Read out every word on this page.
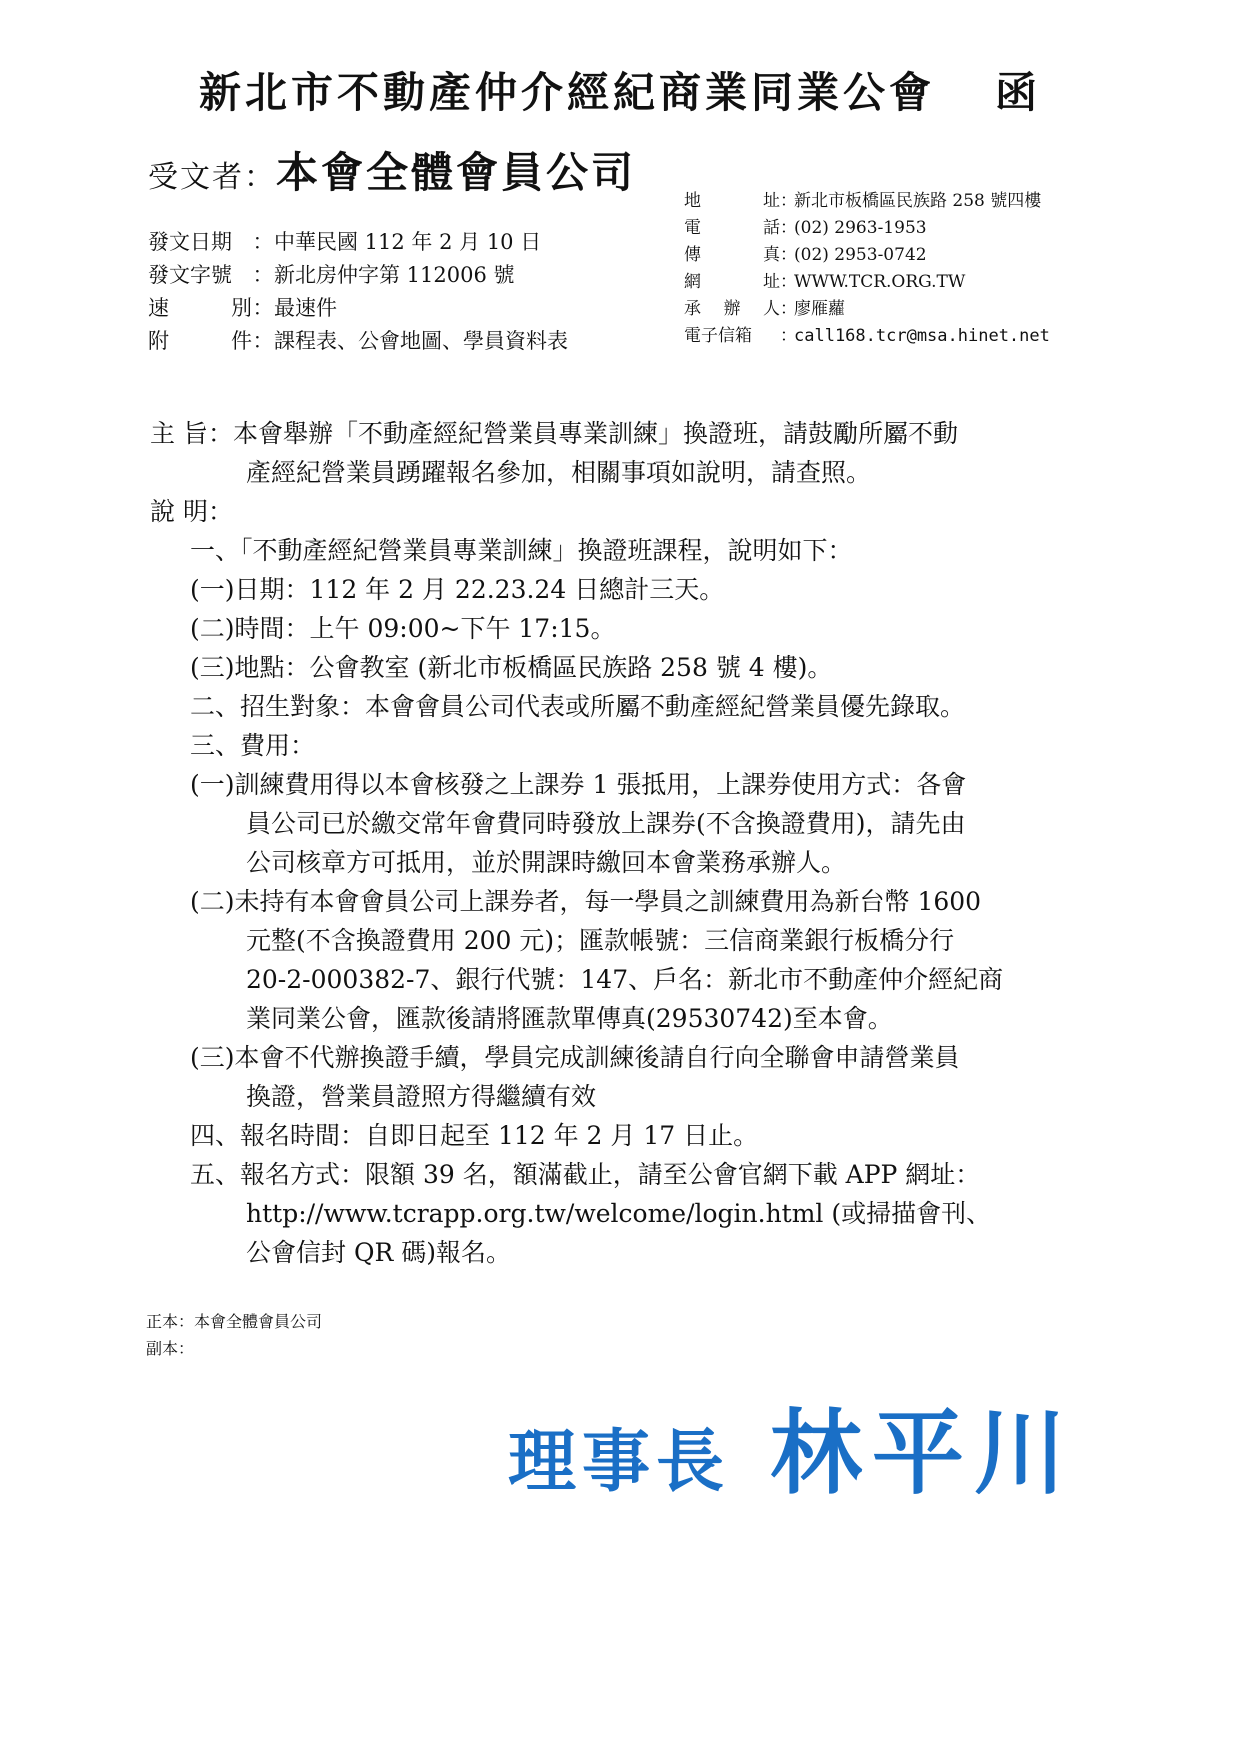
新北市不動產仲介經紀商業同業公會 函
受文者：本會全體會員公司
地	址 ：
新北市板橋區民族路 258 號四樓
電	話 ：
(02) 2963-1953
傳	真 ：
(02) 2953-0742
網	址 ：
WWW.TCR.ORG.TW
承 辦 人 ：
廖雁蘿
電子信箱	：
call168.tcr@msa.hinet.net
發文日期 ： 中華民國 112 年 2 月 10 日
發文字號 ： 新北房仲字第 112006 號
速	別 ： 最速件
附	件 ： 課程表、公會地圖、學員資料表
主 旨：本會舉辦「不動產經紀營業員專業訓練」換證班，請鼓勵所屬不動
產經紀營業員踴躍報名參加，相關事項如說明，請查照。
說 明：
一、「不動產經紀營業員專業訓練」換證班課程，說明如下：
(一)日期：112 年 2 月 22.23.24 日總計三天。
(二)時間：上午 09:00~下午 17:15。
(三)地點：公會教室 (新北市板橋區民族路 258 號 4 樓)。
二、招生對象：本會會員公司代表或所屬不動產經紀營業員優先錄取。
三、費用：
(一)訓練費用得以本會核發之上課券 1 張抵用，上課券使用方式：各會
員公司已於繳交常年會費同時發放上課券(不含換證費用)，請先由
公司核章方可抵用，並於開課時繳回本會業務承辦人。
(二)未持有本會會員公司上課券者，每一學員之訓練費用為新台幣 1600
元整(不含換證費用 200 元)；匯款帳號：三信商業銀行板橋分行
20-2-000382-7、銀行代號：147、戶名：新北市不動產仲介經紀商
業同業公會，匯款後請將匯款單傳真(29530742)至本會。
(三)本會不代辦換證手續，學員完成訓練後請自行向全聯會申請營業員
換證，營業員證照方得繼續有效
四、報名時間：自即日起至 112 年 2 月 17 日止。
五、報名方式：限額 39 名，額滿截止，請至公會官網下載 APP 網址：
http://www.tcrapp.org.tw/welcome/login.html (或掃描會刊、
公會信封 QR 碼)報名。
正本：本會全體會員公司
副本：
理事長 林平川
